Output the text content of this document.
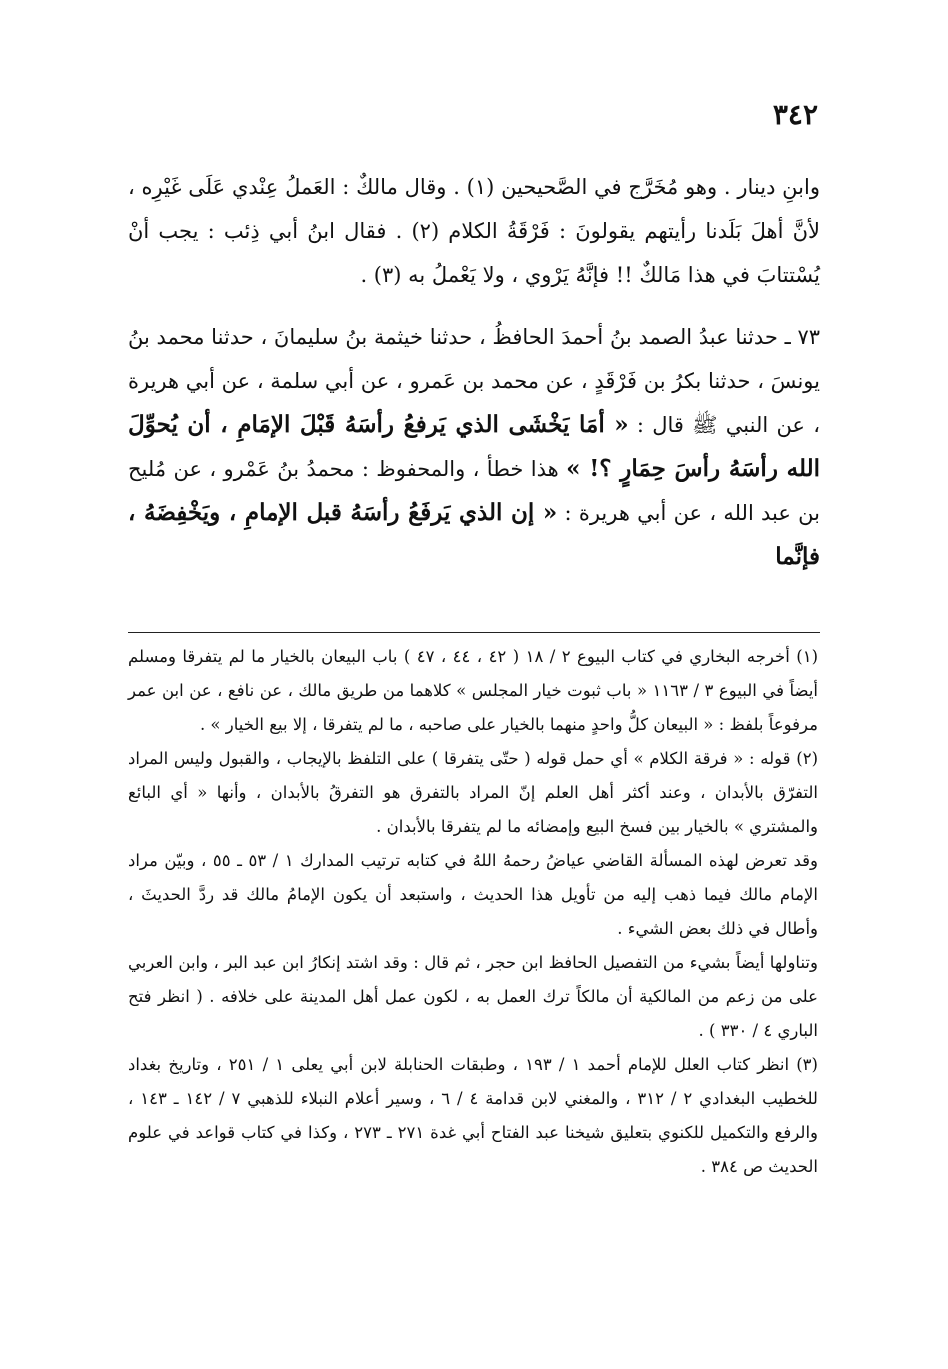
٣٤٢

وابنِ دينار . وهو مُخَرَّج في الصَّحيحين (١) . وقال مالكٌ : العَملُ عِنْدي عَلَى غَيْرِه ، لأنَّ أهلَ بَلَدنا رأيتهم يقولونَ : فَرْقَةُ الكلام (٢) . فقال ابنُ أبي ذِئب : يجب أنْ يُسْتتابَ في هذا مَالكٌ !! فإنَّهُ يَرْوي ، ولا يَعْملُ به (٣) .

٧٣ ـ حدثنا عبدُ الصمد بنُ أحمدَ الحافظُ ، حدثنا خيثمة بنُ سليمانَ ، حدثنا محمد بنُ يونسَ ، حدثنا بكرُ بن فَرْقَدٍ ، عن محمد بن عَمرو ، عن أبي سلمة ، عن أبي هريرة ، عن النبي ﷺ قال : « أمَا يَخْشَى الذي يَرفعُ رأسَهُ قَبْلَ الإمَامِ ، أن يُحوِّلَ الله رأسَهُ رأسَ حِمَارٍ ؟! » هذا خطأ ، والمحفوظ : محمدُ بنُ عَمْرو ، عن مُليح بن عبد الله ، عن أبي هريرة : « إن الذي يَرفَعُ رأسَهُ قبل الإمامِ ، ويَخْفِضَهُ ، فإنَّما

(١) أخرجه البخاري في كتاب البيوع ٢ / ١٨ ( ٤٢ ، ٤٤ ، ٤٧ ) باب البيعان بالخيار ما لم يتفرقا ومسلم أيضاً في البيوع ٣ / ١١٦٣ « باب ثبوت خيار المجلس » كلاهما من طريق مالك ، عن نافع ، عن ابن عمر مرفوعاً بلفظ : « البيعان كلُّ واحدٍ منهما بالخيار على صاحبه ، ما لم يتفرقا ، إلا بيع الخيار » .

(٢) قوله : « فرقة الكلام » أي حمل قوله ( حتّى يتفرقا ) على التلفظ بالإيجاب ، والقبول وليس المراد التفرّق بالأبدان ، وعند أكثر أهل العلم إنّ المراد بالتفرق هو التفرقُ بالأبدان ، وأنها « أي البائع والمشتري » بالخيار بين فسخ البيع وإمضائه ما لم يتفرقا بالأبدان .

وقد تعرض لهذه المسألة القاضي عياضُ رحمهُ اللهُ في كتابه ترتيب المدارك ١ / ٥٣ ـ ٥٥ ، وبيّن مراد الإمام مالك فيما ذهب إليه من تأويل هذا الحديث ، واستبعد أن يكون الإمامُ مالك قد ردَّ الحديثَ ، وأطال في ذلك بعض الشيء .

وتناولها أيضاً بشيء من التفصيل الحافظ ابن حجر ، ثم قال : وقد اشتد إنكارُ ابن عبد البر ، وابن العربي على من زعم من المالكية أن مالكاً ترك العمل به ، لكون عمل أهل المدينة على خلافه . ( انظر فتح الباري ٤ / ٣٣٠ ) .

(٣) انظر كتاب العلل للإمام أحمد ١ / ١٩٣ ، وطبقات الحنابلة لابن أبي يعلى ١ / ٢٥١ ، وتاريخ بغداد للخطيب البغدادي ٢ / ٣١٢ ، والمغني لابن قدامة ٤ / ٦ ، وسير أعلام النبلاء للذهبي ٧ / ١٤٢ ـ ١٤٣ ، والرفع والتكميل للكنوي بتعليق شيخنا عبد الفتاح أبي غدة ٢٧١ ـ ٢٧٣ ، وكذا في كتاب قواعد في علوم الحديث ص ٣٨٤ .
